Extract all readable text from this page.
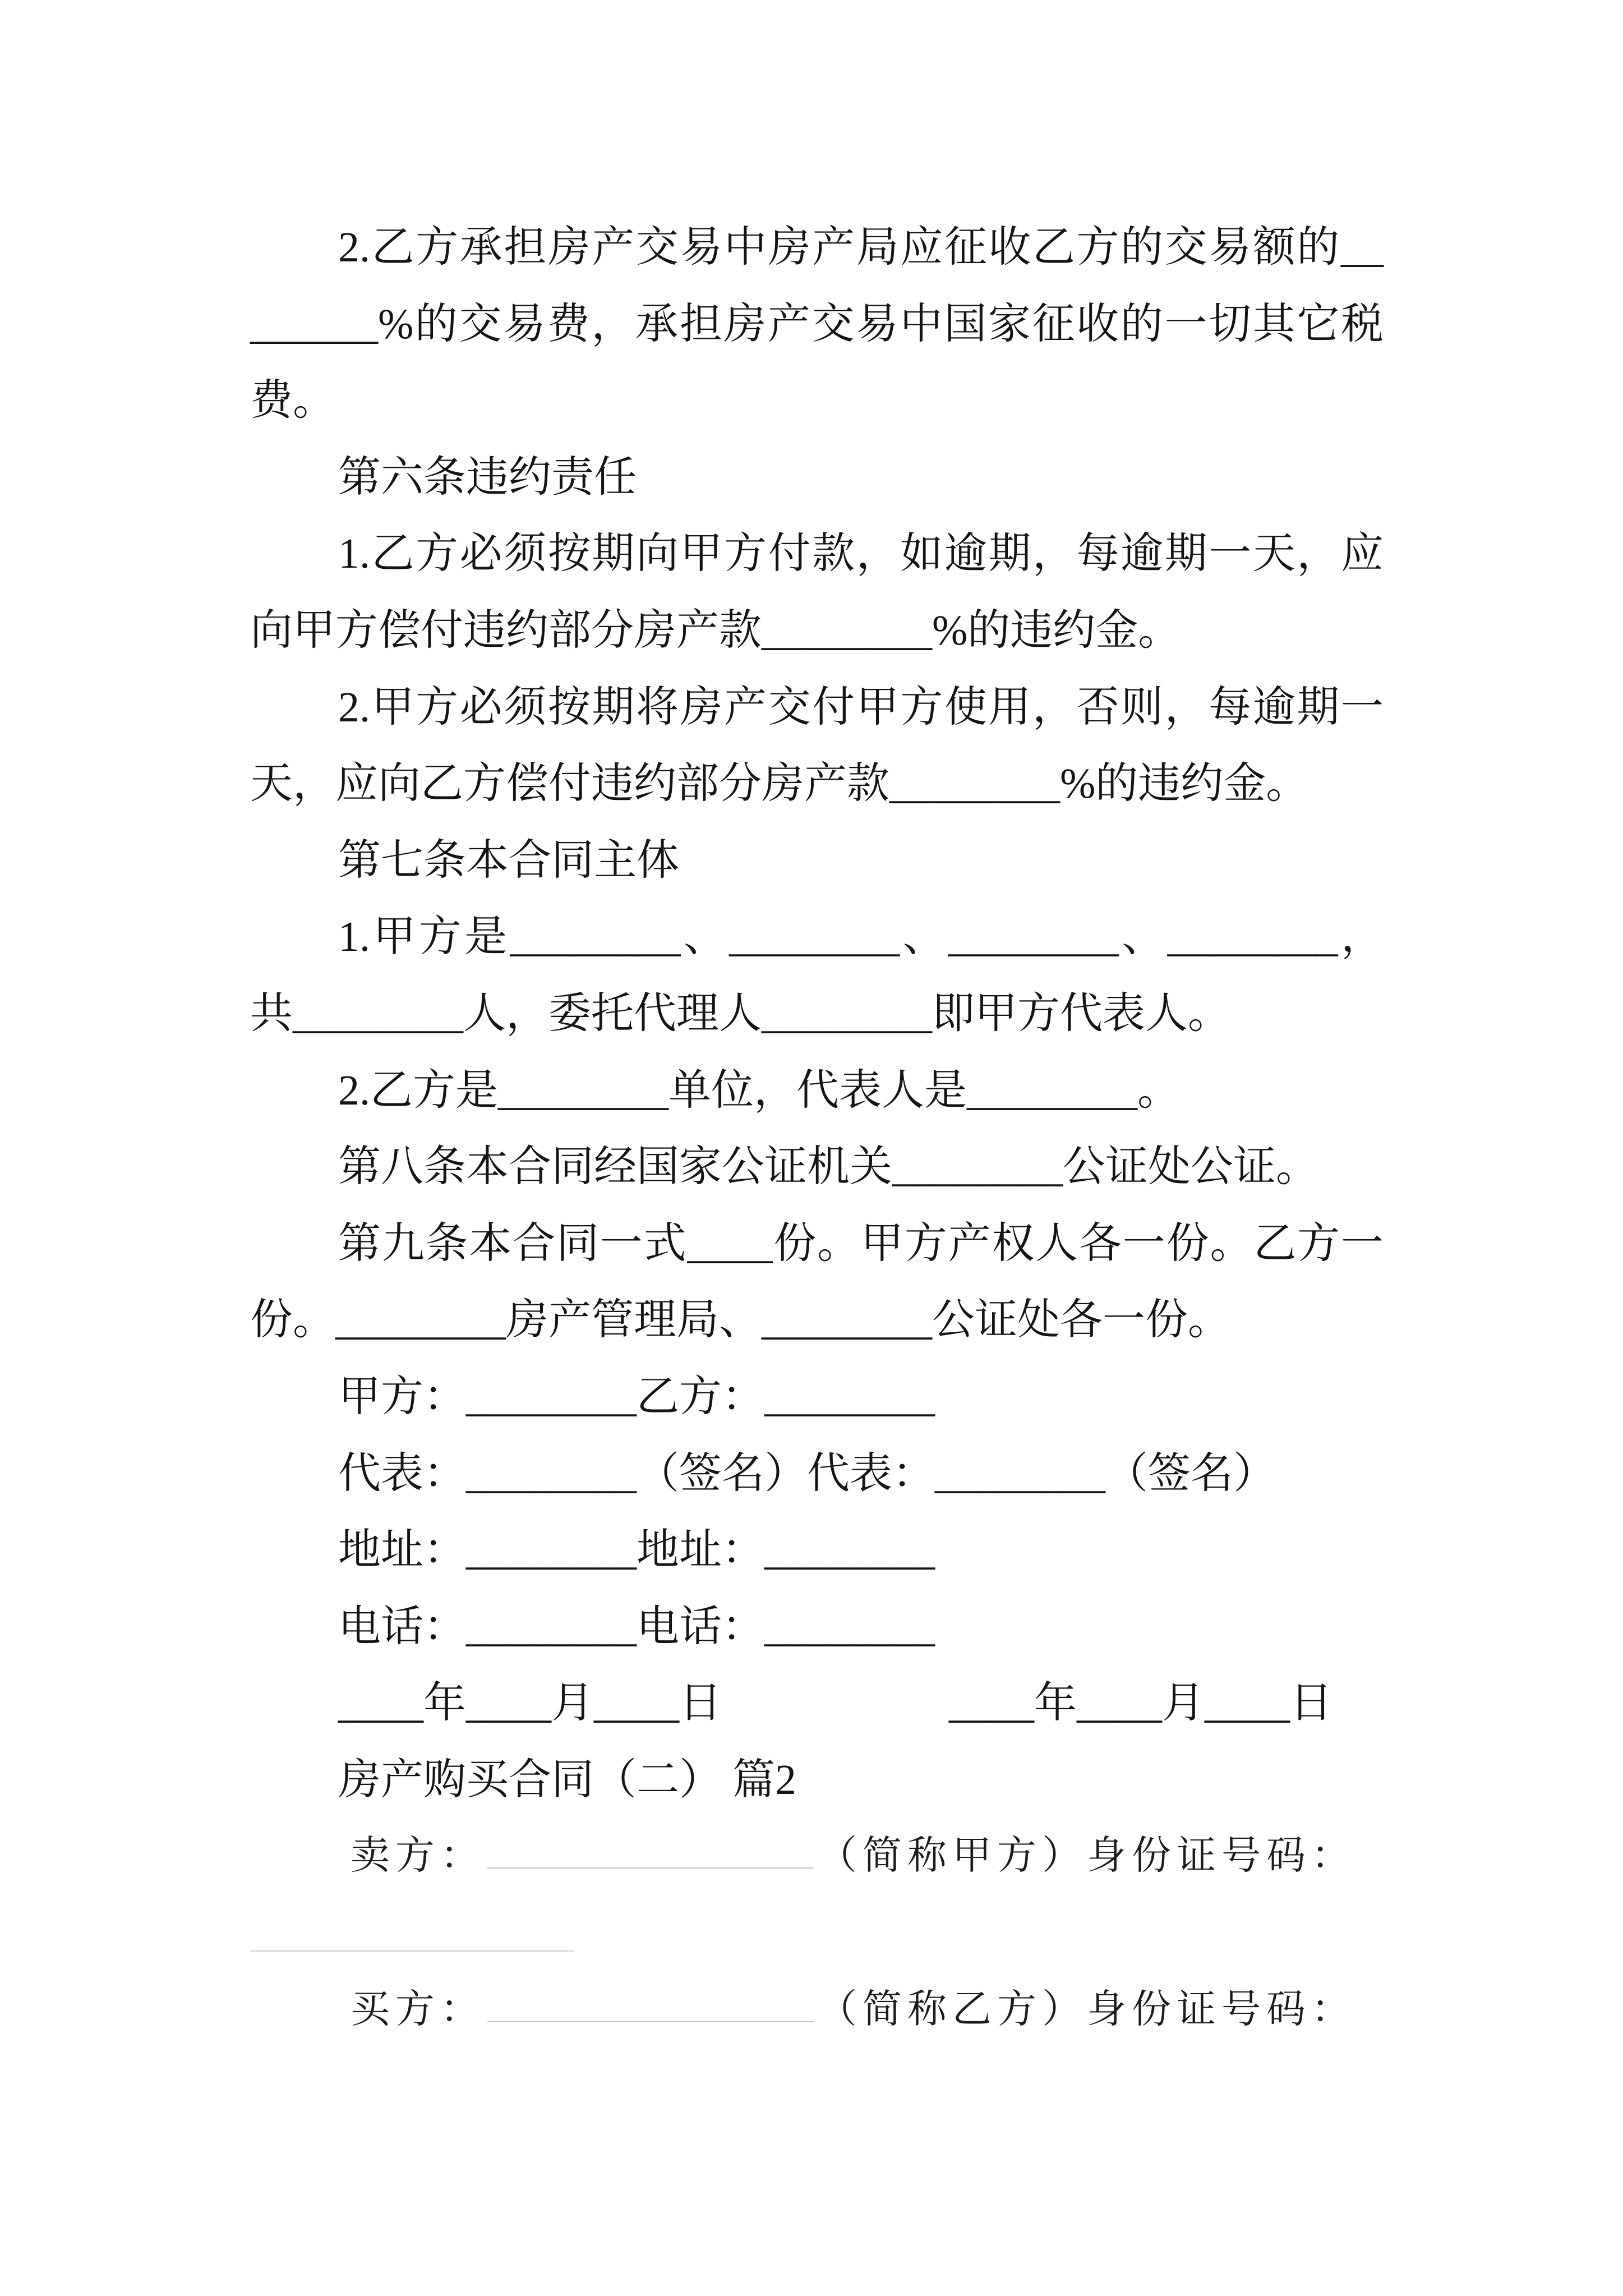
2.乙方承担房产交易中房产局应征收乙方的交易额的__
______%的交易费，承担房产交易中国家征收的一切其它税
费。
第六条违约责任
1.乙方必须按期向甲方付款，如逾期，每逾期一天，应
向甲方偿付违约部分房产款________%的违约金。
2.甲方必须按期将房产交付甲方使用，否则，每逾期一
天，应向乙方偿付违约部分房产款________%的违约金。
第七条本合同主体
1.甲方是________、________、________、________，
共________人，委托代理人________即甲方代表人。
2.乙方是________单位，代表人是________。
第八条本合同经国家公证机关________公证处公证。
第九条本合同一式____份。甲方产权人各一份。乙方一
份。________房产管理局、________公证处各一份。
甲方：________乙方：________
代表：________（签名）代表：________（签名）
地址：________地址：________
电话：________电话：________
____年____月____日	____年____月____日
房产购买合同（二） 篇2
卖方：	（简称甲方）身份证号码：
买方：	（简称乙方）身份证号码：
